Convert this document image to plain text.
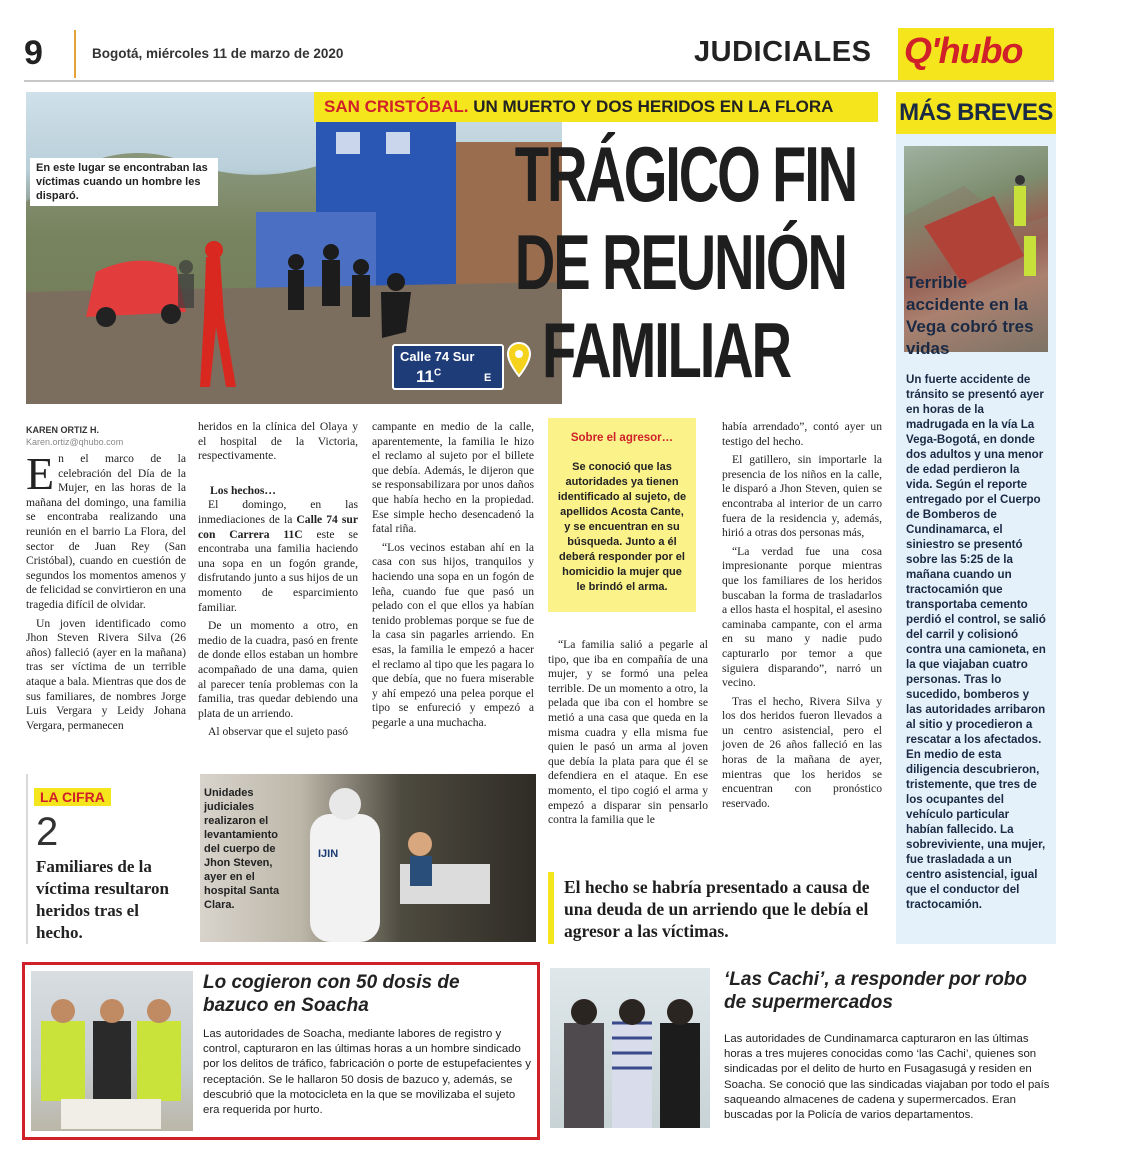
9	Bogotá, miércoles 11 de marzo de 2020	JUDICIALES Q'hubo
En este lugar se encontraban las víctimas cuando un hombre les disparó.
Calle 74 Sur
$11^C$	E
SAN CRISTÓBAL. UN MUERTO Y DOS HERIDOS EN LA FLORA
TRÁGICO FIN
DE REUNIÓN
FAMILIAR
KAREN ORTIZ H.
Karen.ortiz@qhubo.com

En el marco de la celebración del Día de la Mujer, en las horas de la mañana del domingo, una familia se encontraba realizando una reunión en el barrio La Flora, del sector de Juan Rey (San Cristóbal), cuando en cuestión de segundos los momentos amenos y de felicidad se convirtieron en una tragedia difícil de olvidar.

Un joven identificado como Jhon Steven Rivera Silva (26 años) falleció (ayer en la mañana) tras ser víctima de un terrible ataque a bala. Mientras que dos de sus familiares, de nombres Jorge Luis Vergara y Leidy Johana Vergara, permanecen

heridos en la clínica del Olaya y el hospital de la Victoria, respectivamente.

Los hechos…

El domingo, en las inmediaciones de la Calle 74 sur con Carrera 11C este se encontraba una familia haciendo una sopa en un fogón grande, disfrutando junto a sus hijos de un momento de esparcimiento familiar.

De un momento a otro, en medio de la cuadra, pasó en frente de donde ellos estaban un hombre acompañado de una dama, quien al parecer tenía problemas con la familia, tras quedar debiendo una plata de un arriendo.

Al observar que el sujeto pasó

campante en medio de la calle, aparentemente, la familia le hizo el reclamo al sujeto por el billete que debía. Además, le dijeron que se responsabilizara por unos daños que había hecho en la propiedad. Ese simple hecho desencadenó la fatal riña.

“Los vecinos estaban ahí en la casa con sus hijos, tranquilos y haciendo una sopa en un fogón de leña, cuando fue que pasó un pelado con el que ellos ya habían tenido problemas porque se fue de la casa sin pagarles arriendo. En esas, la familia le empezó a hacer el reclamo al tipo que les pagara lo que debía, que no fuera miserable y ahí empezó una pelea porque el tipo se enfureció y empezó a pegarle a una muchacha.

Sobre el agresor…
Se conoció que las autoridades ya tienen identificado al sujeto, de apellidos Acosta Cante, y se encuentran en su búsqueda. Junto a él deberá responder por el homicidio la mujer que le brindó el arma.

“La familia salió a pegarle al tipo, que iba en compañía de una mujer, y se formó una pelea terrible. De un momento a otro, la pelada que iba con el hombre se metió a una casa que queda en la misma cuadra y ella misma fue quien le pasó un arma al joven que debía la plata para que él se defendiera en el ataque. En ese momento, el tipo cogió el arma y empezó a disparar sin pensarlo contra la familia que le

había arrendado”, contó ayer un testigo del hecho.

El gatillero, sin importarle la presencia de los niños en la calle, le disparó a Jhon Steven, quien se encontraba al interior de un carro fuera de la residencia y, además, hirió a otras dos personas más,

“La verdad fue una cosa impresionante porque mientras que los familiares de los heridos buscaban la forma de trasladarlos a ellos hasta el hospital, el asesino caminaba campante, con el arma en su mano y nadie pudo capturarlo por temor a que siguiera disparando”, narró un vecino.

Tras el hecho, Rivera Silva y los dos heridos fueron llevados a un centro asistencial, pero el joven de 26 años falleció en las horas de la mañana de ayer, mientras que los heridos se encuentran con pronóstico reservado.

LA CIFRA
2
Familiares de la víctima resultaron heridos tras el hecho.
IJIN
Unidades judiciales realizaron el levantamiento del cuerpo de Jhon Steven, ayer en el hospital Santa Clara.
El hecho se habría presentado a causa de una deuda de un arriendo que le debía el agresor a las víctimas.
MÁS BREVES
Terrible accidente en la Vega cobró tres vidas
Un fuerte accidente de tránsito se presentó ayer en horas de la madrugada en la vía La Vega-Bogotá, en donde dos adultos y una menor de edad perdieron la vida. Según el reporte entregado por el Cuerpo de Bomberos de Cundinamarca, el siniestro se presentó sobre las 5:25 de la mañana cuando un tractocamión que transportaba cemento perdió el control, se salió del carril y colisionó contra una camioneta, en la que viajaban cuatro personas. Tras lo sucedido, bomberos y las autoridades arribaron al sitio y procedieron a rescatar a los afectados. En medio de esta diligencia descubrieron, tristemente, que tres de los ocupantes del vehículo particular habían fallecido. La sobreviviente, una mujer, fue trasladada a un centro asistencial, igual que el conductor del tractocamión.
Lo cogieron con 50 dosis de bazuco en Soacha
Las autoridades de Soacha, mediante labores de registro y control, capturaron en las últimas horas a un hombre sindicado por los delitos de tráfico, fabricación o porte de estupefacientes y receptación. Se le hallaron 50 dosis de bazuco y, además, se descubrió que la motocicleta en la que se movilizaba el sujeto era requerida por hurto.
‘Las Cachi’, a responder por robo de supermercados
Las autoridades de Cundinamarca capturaron en las últimas horas a tres mujeres conocidas como ‘las Cachi’, quienes son sindicadas por el delito de hurto en Fusagasugá y residen en Soacha. Se conoció que las sindicadas viajaban por todo el país saqueando almacenes de cadena y supermercados. Eran buscadas por la Policía de varios departamentos.
